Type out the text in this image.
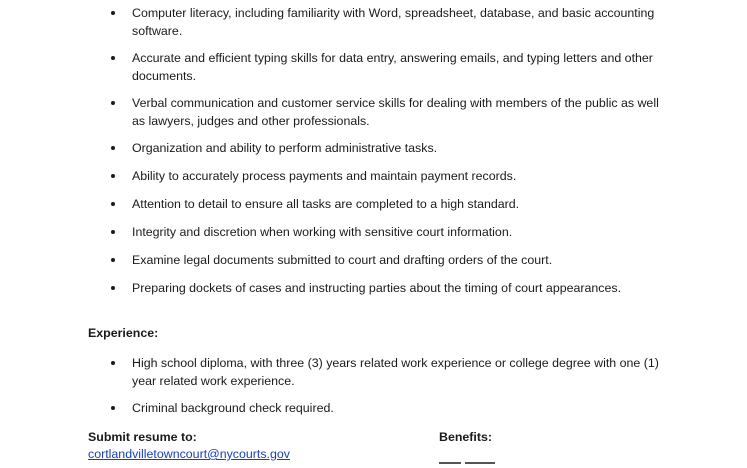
Computer literacy, including familiarity with Word, spreadsheet, database, and basic accounting software.
Accurate and efficient typing skills for data entry, answering emails, and typing letters and other documents.
Verbal communication and customer service skills for dealing with members of the public as well as lawyers, judges and other professionals.
Organization and ability to perform administrative tasks.
Ability to accurately process payments and maintain payment records.
Attention to detail to ensure all tasks are completed to a high standard.
Integrity and discretion when working with sensitive court information.
Examine legal documents submitted to court and drafting orders of the court.
Preparing dockets of cases and instructing parties about the timing of court appearances.
Experience:
High school diploma, with three (3) years related work experience or college degree with one (1) year related work experience.
Criminal background check required.
Submit resume to:	Benefits:
cortlandvilletowncourt@nycourts.gov
